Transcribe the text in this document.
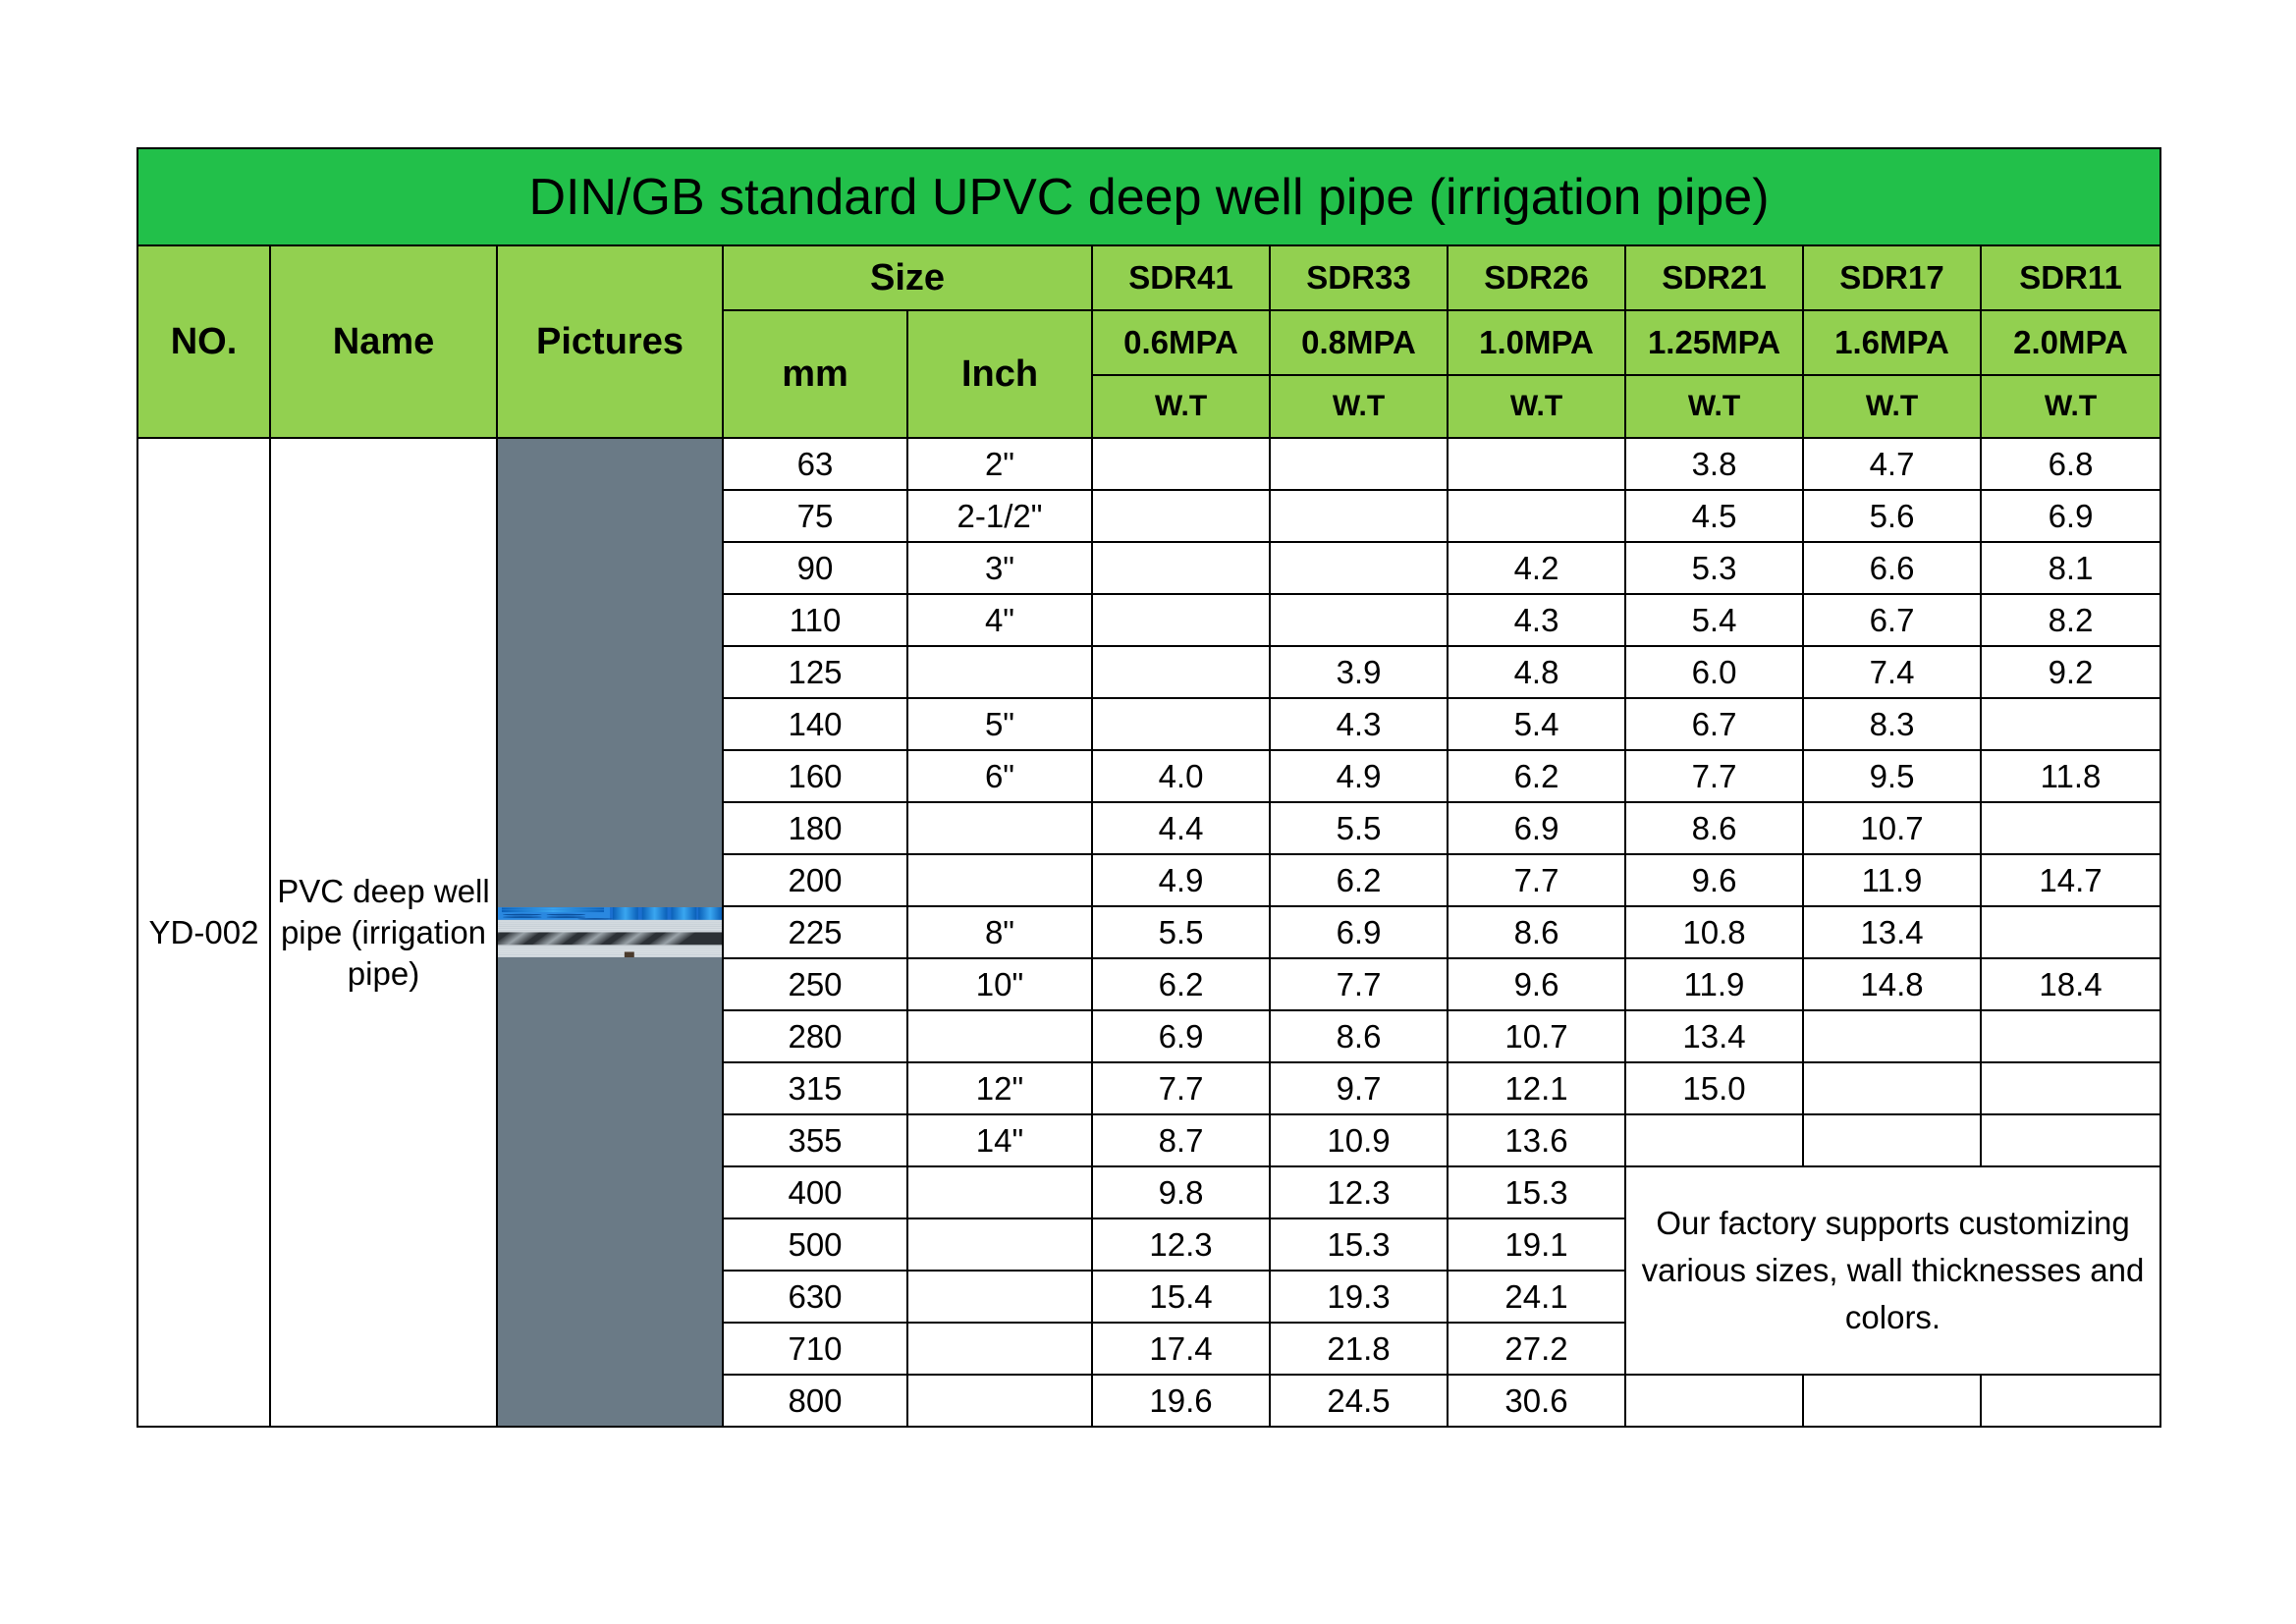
DIN/GB standard UPVC deep well pipe (irrigation pipe)										
NO.	Name	Pictures	Size		SDR41	SDR33	SDR26	SDR21	SDR17	SDR11
			mm	Inch	0.6MPA	0.8MPA	1.0MPA	1.25MPA	1.6MPA	2.0MPA
					W.T	W.T	W.T	W.T	W.T	W.T
YD-002	PVC deep well pipe (irrigation pipe)		63	2"				3.8	4.7	6.8
			75	2-1/2"				4.5	5.6	6.9
			90	3"			4.2	5.3	6.6	8.1
			110	4"			4.3	5.4	6.7	8.2
			125			3.9	4.8	6.0	7.4	9.2
			140	5"		4.3	5.4	6.7	8.3	
			160	6"	4.0	4.9	6.2	7.7	9.5	11.8
			180		4.4	5.5	6.9	8.6	10.7	
			200		4.9	6.2	7.7	9.6	11.9	14.7
			225	8"	5.5	6.9	8.6	10.8	13.4	
			250	10"	6.2	7.7	9.6	11.9	14.8	18.4
			280		6.9	8.6	10.7	13.4		
			315	12"	7.7	9.7	12.1	15.0		
			355	14"	8.7	10.9	13.6			
			400		9.8	12.3	15.3	Our factory supports customizing various sizes, wall thicknesses and colors.		
			500		12.3	15.3	19.1			
			630		15.4	19.3	24.1			
			710		17.4	21.8	27.2			
			800		19.6	24.5	30.6			
